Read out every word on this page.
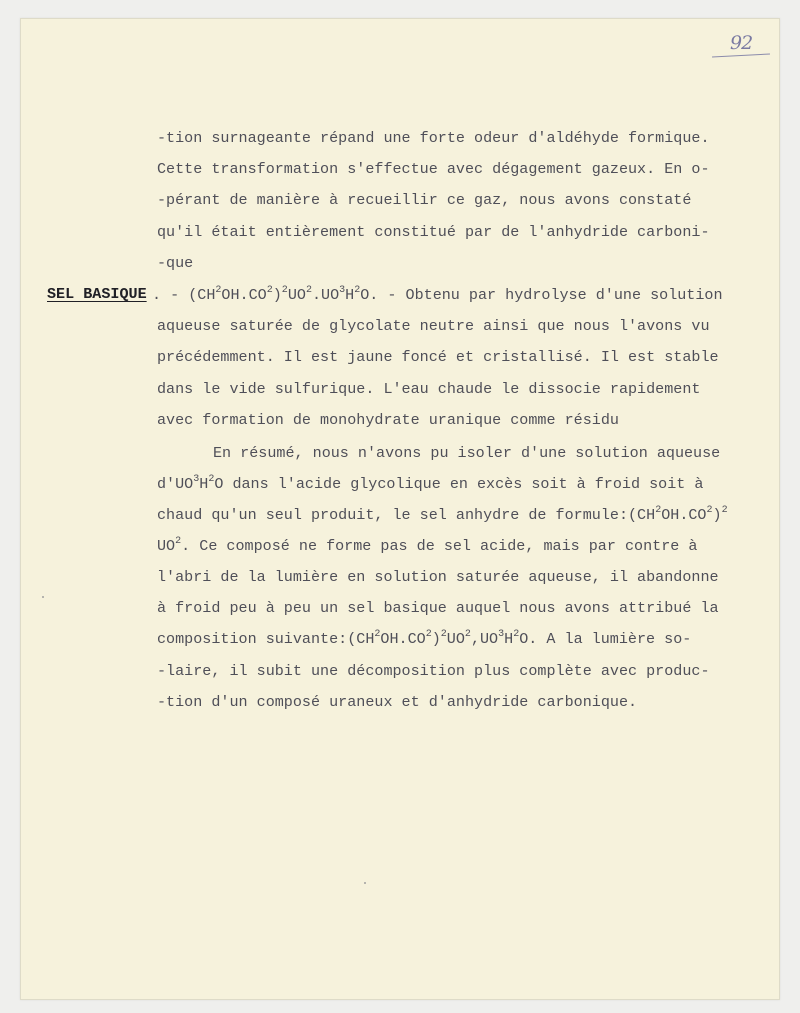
92
-tion surnageante répand une forte odeur d'aldéhyde formique.
Cette transformation s'effectue avec dégagement gazeux. En o-
-pérant de manière à recueillir ce gaz, nous avons constaté
qu'il était entièrement constitué par de l'anhydride carboni-
-que
SEL BASIQUE . - $(CH^2OH.CO^2)^2UO^2.UO^3H^2O$. - Obtenu par hydrolyse d'une solution
aqueuse saturée de glycolate neutre ainsi que nous l'avons vu
précédemment. Il est jaune foncé et cristallisé. Il est stable
dans le vide sulfurique. L'eau chaude le dissocie rapidement
avec formation de monohydrate uranique comme résidu
En résumé, nous n'avons pu isoler d'une solution aqueuse
$d'UO^3H^2O$ dans l'acide glycolique en excès soit à froid soit à
chaud qu'un seul produit, le sel anhydre de $formule:(CH^2OH.CO^2)^2$
$UO^2$. Ce composé ne forme pas de sel acide, mais par contre à
l'abri de la lumière en solution saturée aqueuse, il abandonne
à froid peu à peu un sel basique auquel nous avons attribué la
composition $suivante:(CH^2OH.CO^2)^2UO^2,UO^3H^2O$. A la lumière so-
-laire, il subit une décomposition plus complète avec produc-
-tion d'un composé uraneux et d'anhydride carbonique.
